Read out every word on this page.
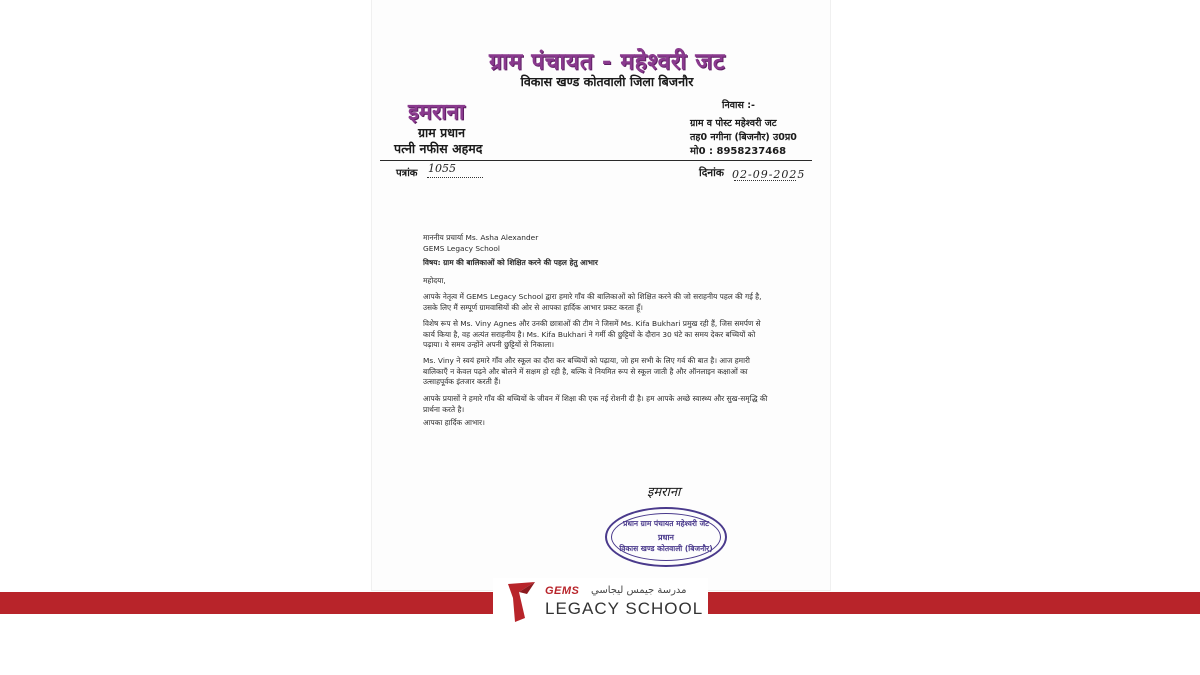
ग्राम पंचायत - महेश्वरी जट
विकास खण्ड कोतवाली जिला बिजनौर
इमराना
ग्राम प्रधान
पत्नी नफीस अहमद
निवास :-
ग्राम व पोस्ट महेश्वरी जट
तह0 नगीना (बिजनौर) उ0प्र0
मो0 : 8958237468
पत्रांक 1055	दिनांक 02-09-2025
माननीय प्रचार्या Ms. Asha Alexander
GEMS Legacy School
विषय: ग्राम की बालिकाओं को शिक्षित करने की पहल हेतु आभार
महोदया,
आपके नेतृत्व में GEMS Legacy School द्वारा हमारे गाँव की बालिकाओं को शिक्षित करने की जो सराहनीय पहल की गई है, उसके लिए मैं सम्पूर्ण ग्रामवासियों की ओर से आपका हार्दिक आभार प्रकट करता हूँ।
विशेष रूप से Ms. Viny Agnes और उनकी छात्राओं की टीम ने जिसमें Ms. Kifa Bukhari प्रमुख रही हैं, जिस समर्पण से कार्य किया है, वह अत्यंत सराहनीय है। Ms. Kifa Bukhari ने गर्मी की छुट्टियों के दौरान 30 घंटे का समय देकर बच्चियों को पढ़ाया। ये समय उन्होंने अपनी छुट्टियों से निकाला।
Ms. Viny ने स्वयं हमारे गाँव और स्कूल का दौरा कर बच्चियों को पढ़ाया, जो हम सभी के लिए गर्व की बात है। आज हमारी बालिकाएँ न केवल पढ़ने और बोलने में सक्षम हो रही है, बल्कि वे नियमित रूप से स्कूल जाती है और ऑनलाइन कक्षाओं का उत्साहपूर्वक इंतजार करती हैं।
आपके प्रयासों ने हमारे गाँव की बच्चियों के जीवन में शिक्षा की एक नई रोशनी दी है। हम आपके अच्छे स्वास्थ्य और सुख-समृद्धि की प्रार्थना करते है।
आपका हार्दिक आभार।
इमराना
प्रधान ग्राम पंचायत महेश्वरी जट
प्रधान
विकास खण्ड कोतवाली (बिजनौर)
GEMS مدرسة جيمس ليجاسي
LEGACY SCHOOL
